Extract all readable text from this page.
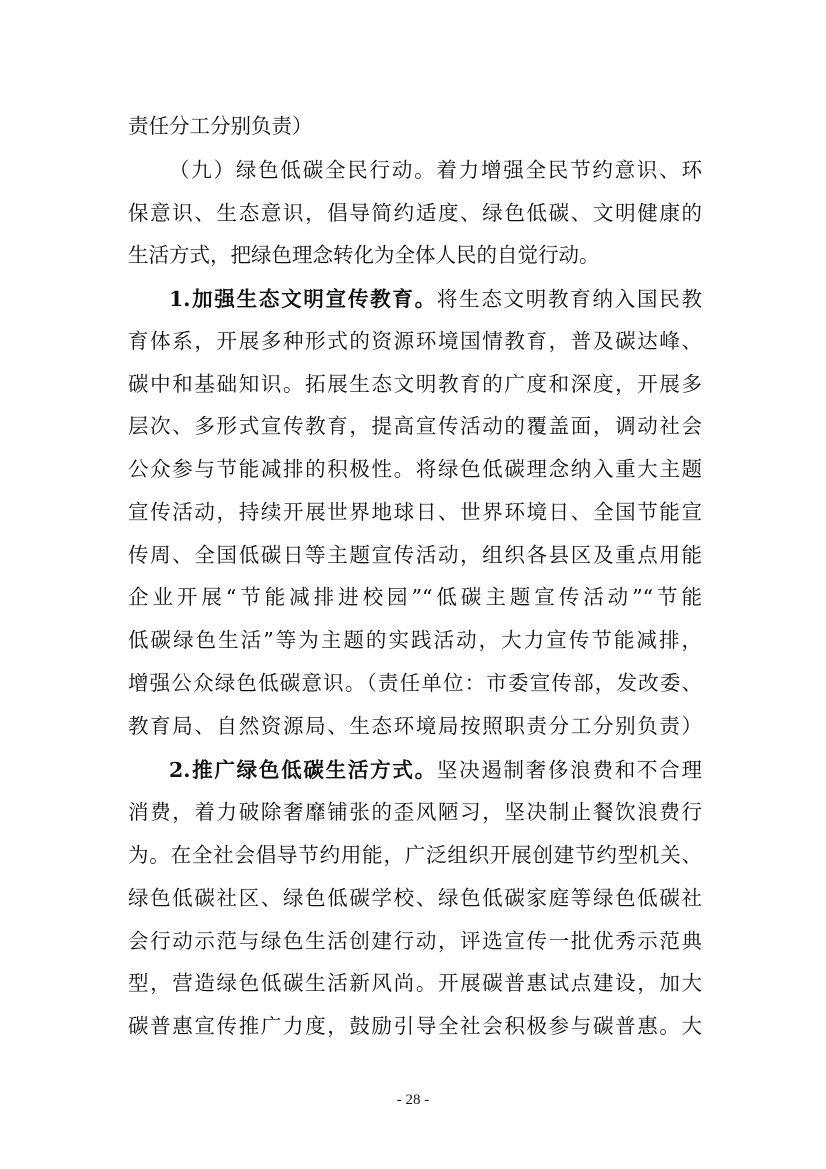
责任分工分别负责）
（九）绿色低碳全民行动。着力增强全民节约意识、环
保意识、生态意识，倡导简约适度、绿色低碳、文明健康的
生活方式，把绿色理念转化为全体人民的自觉行动。
1.加强生态文明宣传教育。将生态文明教育纳入国民教
育体系，开展多种形式的资源环境国情教育，普及碳达峰、
碳中和基础知识。拓展生态文明教育的广度和深度，开展多
层次、多形式宣传教育，提高宣传活动的覆盖面，调动社会
公众参与节能减排的积极性。将绿色低碳理念纳入重大主题
宣传活动，持续开展世界地球日、世界环境日、全国节能宣
传周、全国低碳日等主题宣传活动，组织各县区及重点用能
企业开展“节能减排进校园”“低碳主题宣传活动”“节能
低碳绿色生活”等为主题的实践活动，大力宣传节能减排，
增强公众绿色低碳意识。（责任单位：市委宣传部，发改委、
教育局、自然资源局、生态环境局按照职责分工分别负责）
2.推广绿色低碳生活方式。坚决遏制奢侈浪费和不合理
消费，着力破除奢靡铺张的歪风陋习，坚决制止餐饮浪费行
为。在全社会倡导节约用能，广泛组织开展创建节约型机关、
绿色低碳社区、绿色低碳学校、绿色低碳家庭等绿色低碳社
会行动示范与绿色生活创建行动，评选宣传一批优秀示范典
型，营造绿色低碳生活新风尚。开展碳普惠试点建设，加大
碳普惠宣传推广力度，鼓励引导全社会积极参与碳普惠。大
- 28 -
